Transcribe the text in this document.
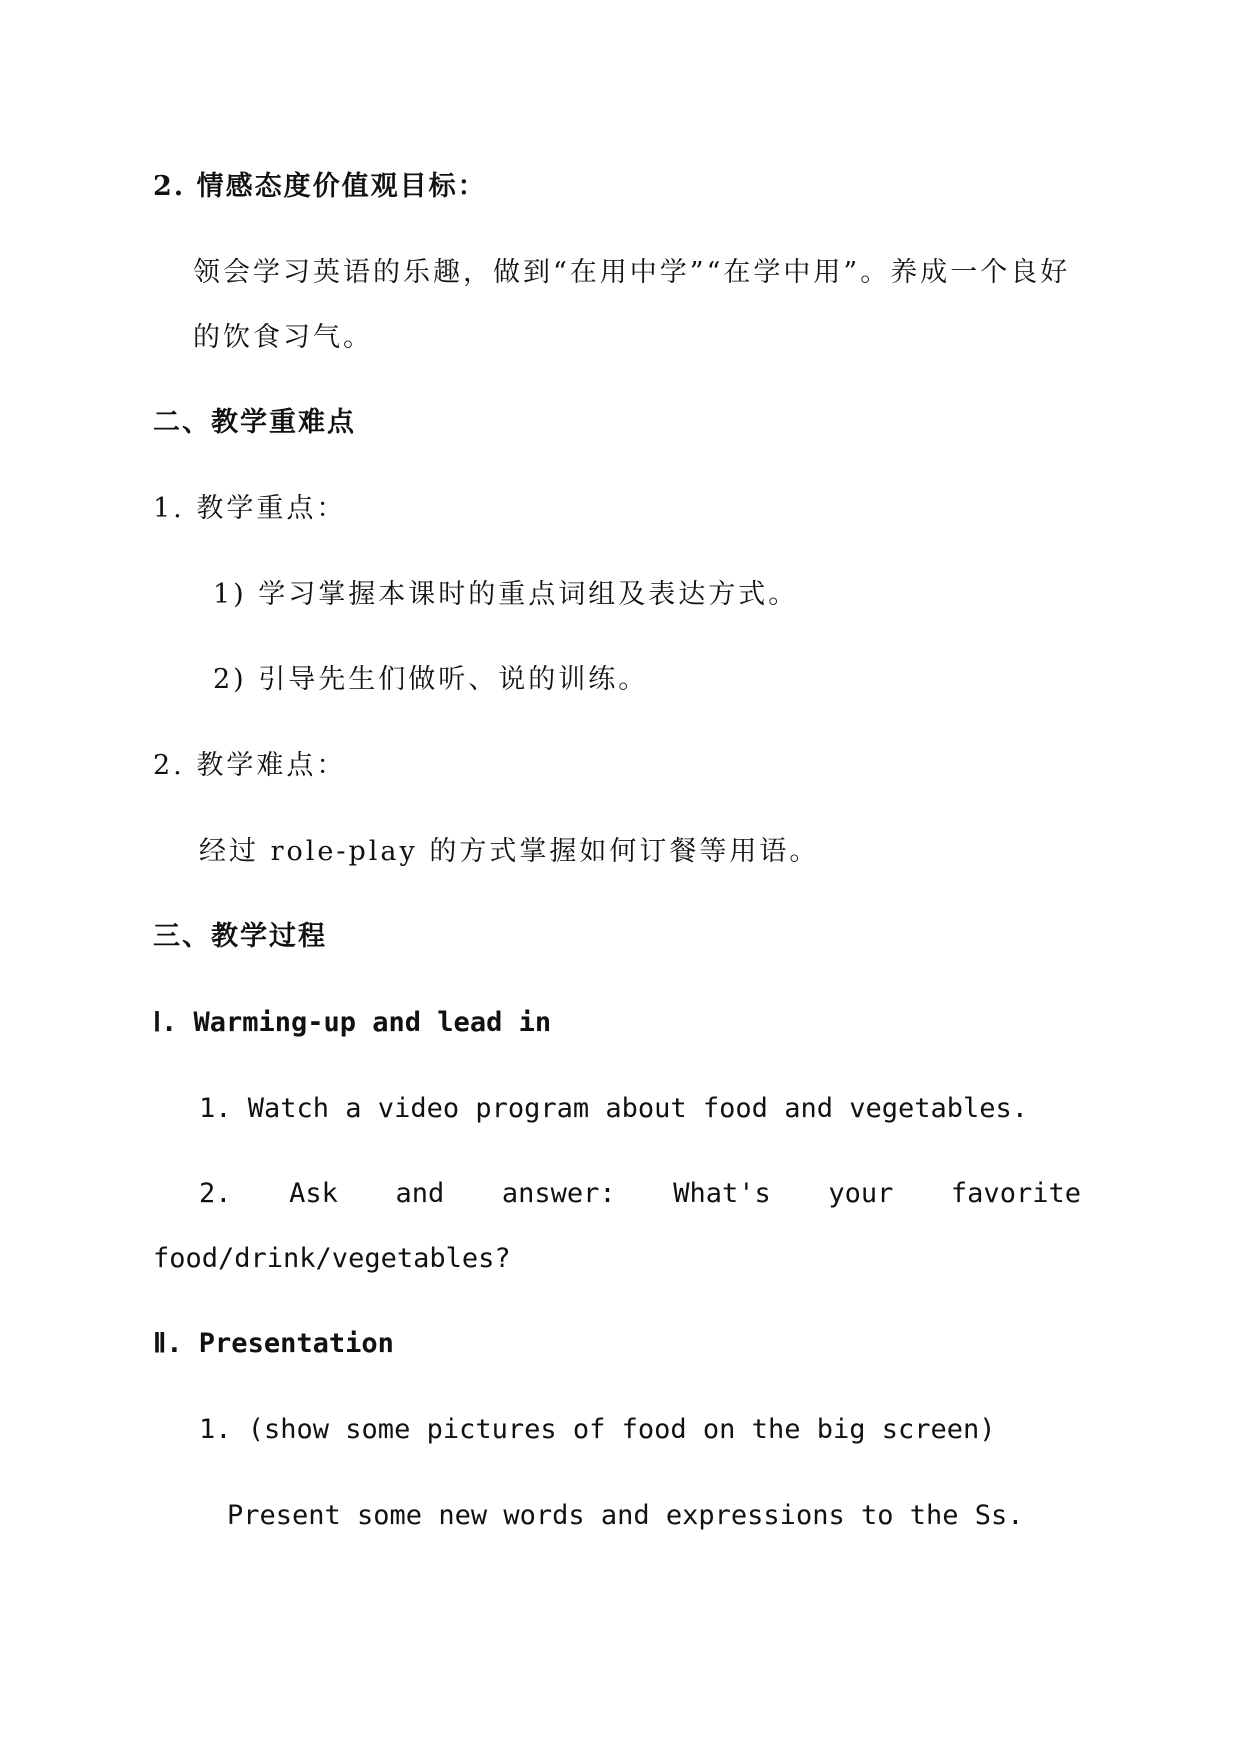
2. 情感态度价值观目标：
领会学习英语的乐趣，做到“在用中学”“在学中用”。养成一个良好
的饮食习气。
二、教学重难点
1. 教学重点：
1) 学习掌握本课时的重点词组及表达方式。
2) 引导先生们做听、说的训练。
2. 教学难点：
经过 role-play 的方式掌握如何订餐等用语。
三、教学过程
Ⅰ. Warming-up and lead in
1. Watch a video program about food and vegetables.
2. Ask and answer: What's your favorite
food/drink/vegetables?
Ⅱ. Presentation
1. (show some pictures of food on the big screen)
Present some new words and expressions to the Ss.
